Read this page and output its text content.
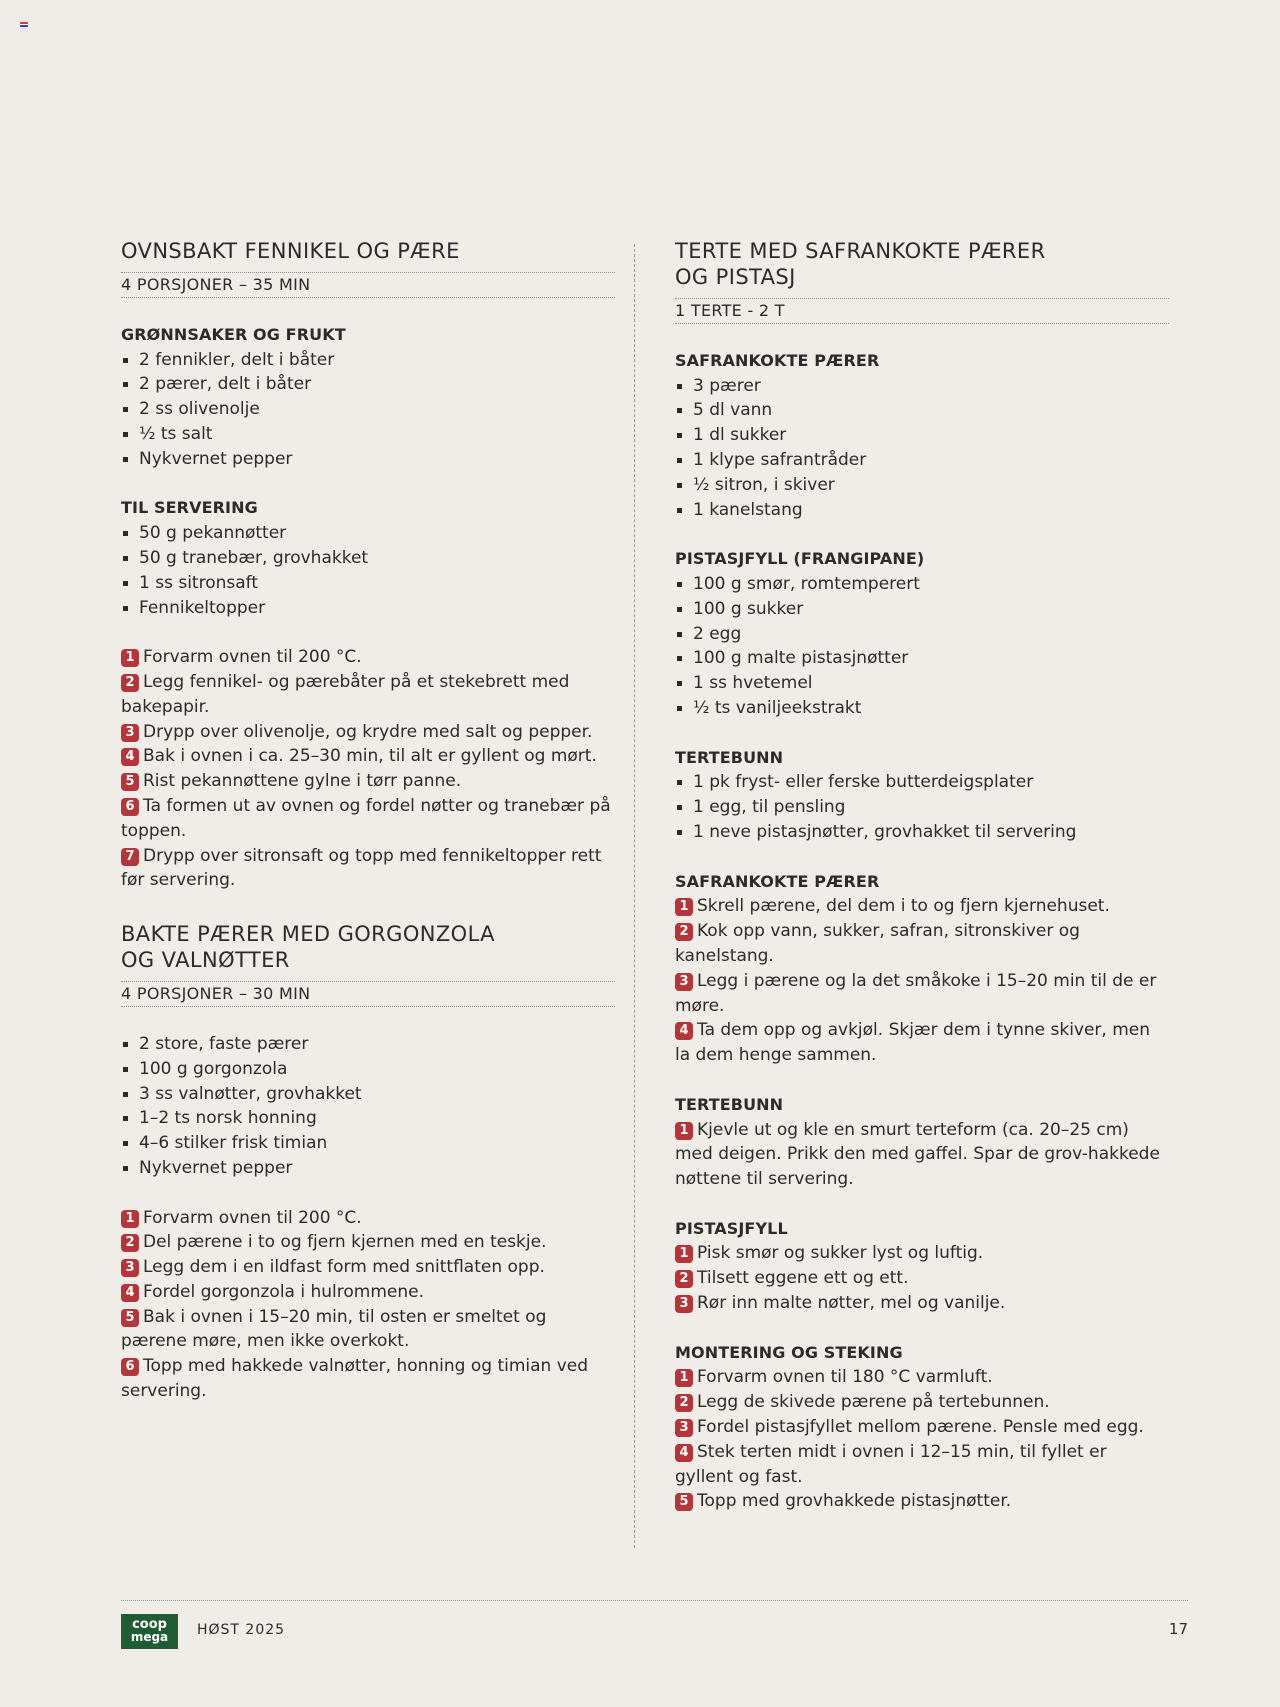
OVNSBAKT FENNIKEL OG PÆRE
4 PORSJONER – 35 MIN
GRØNNSAKER OG FRUKT
2 fennikler, delt i båter
2 pærer, delt i båter
2 ss olivenolje
½ ts salt
Nykvernet pepper
TIL SERVERING
50 g pekannøtter
50 g tranebær, grovhakket
1 ss sitronsaft
Fennikeltopper

1 Forvarm ovnen til 200 °C.

2 Legg fennikel- og pærebåter på et stekebrett med bakepapir.

3 Drypp over olivenolje, og krydre med salt og pepper.

4 Bak i ovnen i ca. 25–30 min, til alt er gyllent og mørt.

5 Rist pekannøttene gylne i tørr panne.

6 Ta formen ut av ovnen og fordel nøtter og tranebær på toppen.

7 Drypp over sitronsaft og topp med fennikeltopper rett før servering.

BAKTE PÆRER MED GORGONZOLA
OG VALNØTTER
4 PORSJONER – 30 MIN
2 store, faste pærer
100 g gorgonzola
3 ss valnøtter, grovhakket
1–2 ts norsk honning
4–6 stilker frisk timian
Nykvernet pepper

1 Forvarm ovnen til 200 °C.

2 Del pærene i to og fjern kjernen med en teskje.

3 Legg dem i en ildfast form med snittflaten opp.

4 Fordel gorgonzola i hulrommene.

5 Bak i ovnen i 15–20 min, til osten er smeltet og pærene møre, men ikke overkokt.

6 Topp med hakkede valnøtter, honning og timian ved servering.

TERTE MED SAFRANKOKTE PÆRER
OG PISTASJ
1 TERTE - 2 T
SAFRANKOKTE PÆRER
3 pærer
5 dl vann
1 dl sukker
1 klype safrantråder
½ sitron, i skiver
1 kanelstang
PISTASJFYLL (FRANGIPANE)
100 g smør, romtemperert
100 g sukker
2 egg
100 g malte pistasjnøtter
1 ss hvetemel
½ ts vaniljeekstrakt
TERTEBUNN
1 pk fryst- eller ferske butterdeigsplater
1 egg, til pensling
1 neve pistasjnøtter, grovhakket til servering
SAFRANKOKTE PÆRER

1 Skrell pærene, del dem i to og fjern kjernehuset.

2 Kok opp vann, sukker, safran, sitronskiver og kanelstang.

3 Legg i pærene og la det småkoke i 15–20 min til de er møre.

4 Ta dem opp og avkjøl. Skjær dem i tynne skiver, men la dem henge sammen.

TERTEBUNN

1 Kjevle ut og kle en smurt terteform (ca. 20–25 cm) med deigen. Prikk den med gaffel. Spar de grov-hakkede nøttene til servering.

PISTASJFYLL

1 Pisk smør og sukker lyst og luftig.

2 Tilsett eggene ett og ett.

3 Rør inn malte nøtter, mel og vanilje.

MONTERING OG STEKING

1 Forvarm ovnen til 180 °C varmluft.

2 Legg de skivede pærene på tertebunnen.

3 Fordel pistasjfyllet mellom pærene. Pensle med egg.

4 Stek terten midt i ovnen i 12–15 min, til fyllet er gyllent og fast.

5 Topp med grovhakkede pistasjnøtter.

coop
mega	HØST 2025	17
